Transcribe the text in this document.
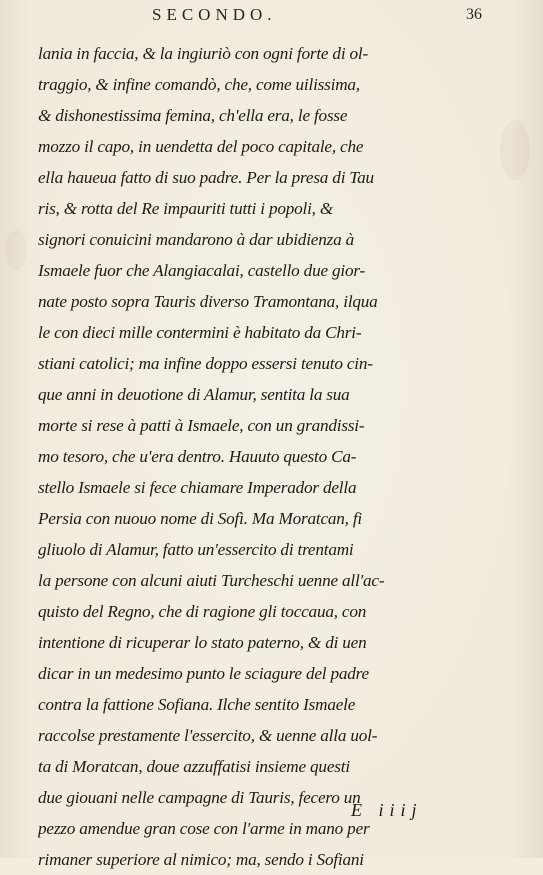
SECONDO.	36
lania in faccia, & la ingiuriò con ogni forte di ol-
traggio, & infine comandò, che, come uilissima,
& dishonestissima femina, ch'ella era, le fosse
mozzo il capo, in uendetta del poco capitale, che
ella haueua fatto di suo padre. Per la presa di Tau
ris, & rotta del Re impauriti tutti i popoli, &
signori conuicini mandarono à dar ubidienza à
Ismaele fuor che Alangiacalai, castello due gior-
nate posto sopra Tauris diverso Tramontana, ilqua
le con dieci mille contermini è habitato da Chri-
stiani catolici; ma infine doppo essersi tenuto cin-
que anni in deuotione di Alamur, sentita la sua
morte si rese à patti à Ismaele, con un grandissi-
mo tesoro, che u'era dentro. Hauuto questo Ca-
stello Ismaele si fece chiamare Imperador della
Persia con nuouo nome di Sofì. Ma Moratcan, fi
gliuolo di Alamur, fatto un'essercito di trentami
la persone con alcuni aiuti Turcheschi uenne all'ac-
quisto del Regno, che di ragione gli toccaua, con
intentione di ricuperar lo stato paterno, & di uen
dicar in un medesimo punto le sciagure del padre
contra la fattione Sofiana. Ilche sentito Ismaele
raccolse prestamente l'essercito, & uenne alla uol-
ta di Moratcan, doue azzuffatisi insieme questi
due giouani nelle campagne di Tauris, fecero un
pezzo amendue gran cose con l'arme in mano per
rimaner superiore al nimico; ma, sendo i Sofiani
E iiij
